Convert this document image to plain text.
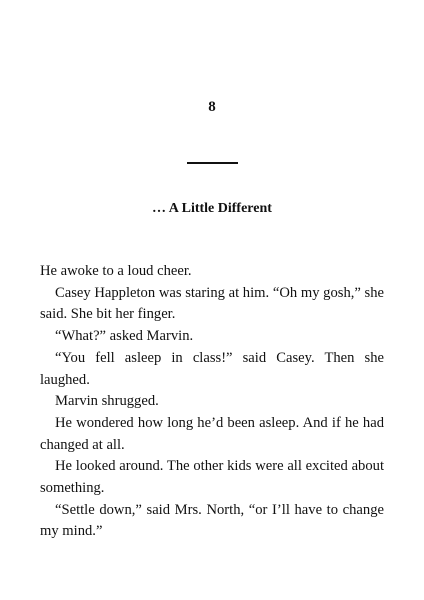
8
… A Little Different

He awoke to a loud cheer.

Casey Happleton was staring at him. “Oh my gosh,” she said. She bit her finger.

“What?” asked Marvin.

“You fell asleep in class!” said Casey. Then she laughed.

Marvin shrugged.

He wondered how long he’d been asleep. And if he had changed at all.

He looked around. The other kids were all excited about something.

“Settle down,” said Mrs. North, “or I’ll have to change my mind.”
